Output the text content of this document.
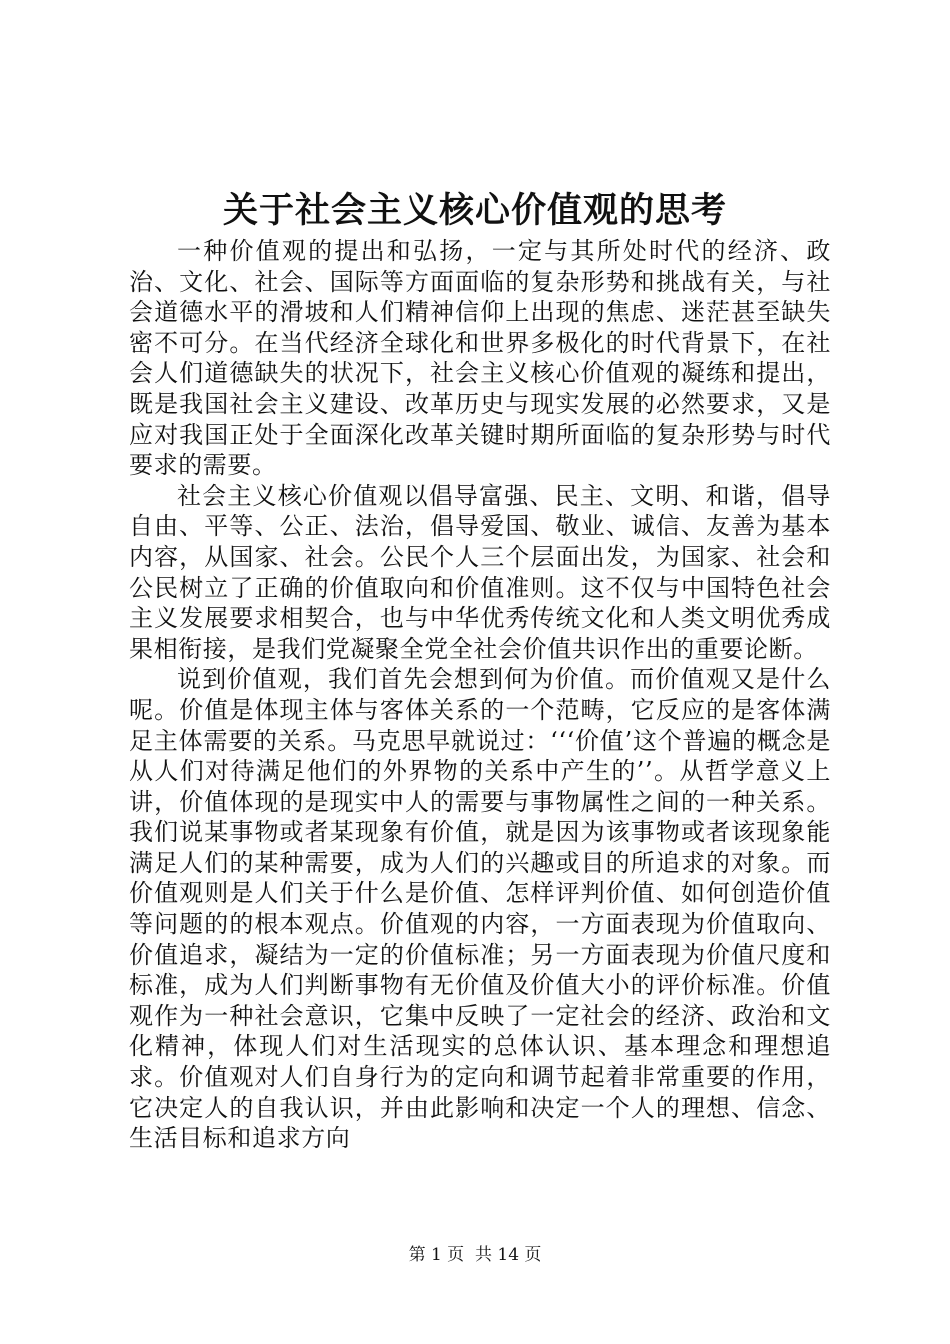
关于社会主义核心价值观的思考

一种价值观的提出和弘扬，一定与其所处时代的经济、政治、文化、社会、国际等方面面临的复杂形势和挑战有关，与社会道德水平的滑坡和人们精神信仰上出现的焦虑、迷茫甚至缺失密不可分。在当代经济全球化和世界多极化的时代背景下，在社会人们道德缺失的状况下，社会主义核心价值观的凝练和提出，既是我国社会主义建设、改革历史与现实发展的必然要求，又是应对我国正处于全面深化改革关键时期所面临的复杂形势与时代要求的需要。

社会主义核心价值观以倡导富强、民主、文明、和谐，倡导自由、平等、公正、法治，倡导爱国、敬业、诚信、友善为基本内容，从国家、社会。公民个人三个层面出发，为国家、社会和公民树立了正确的价值取向和价值准则。这不仅与中国特色社会主义发展要求相契合，也与中华优秀传统文化和人类文明优秀成果相衔接，是我们党凝聚全党全社会价值共识作出的重要论断。

说到价值观，我们首先会想到何为价值。而价值观又是什么呢。价值是体现主体与客体关系的一个范畴，它反应的是客体满足主体需要的关系。马克思早就说过：‘‘‘价值’这个普遍的概念是从人们对待满足他们的外界物的关系中产生的’’。从哲学意义上讲，价值体现的是现实中人的需要与事物属性之间的一种关系。我们说某事物或者某现象有价值，就是因为该事物或者该现象能满足人们的某种需要，成为人们的兴趣或目的所追求的对象。而价值观则是人们关于什么是价值、怎样评判价值、如何创造价值等问题的的根本观点。价值观的内容，一方面表现为价值取向、价值追求，凝结为一定的价值标准；另一方面表现为价值尺度和标准，成为人们判断事物有无价值及价值大小的评价标准。价值观作为一种社会意识，它集中反映了一定社会的经济、政治和文化精神，体现人们对生活现实的总体认识、基本理念和理想追求。价值观对人们自身行为的定向和调节起着非常重要的作用，它决定人的自我认识，并由此影响和决定一个人的理想、信念、生活目标和追求方向

第 1 页  共 14 页
